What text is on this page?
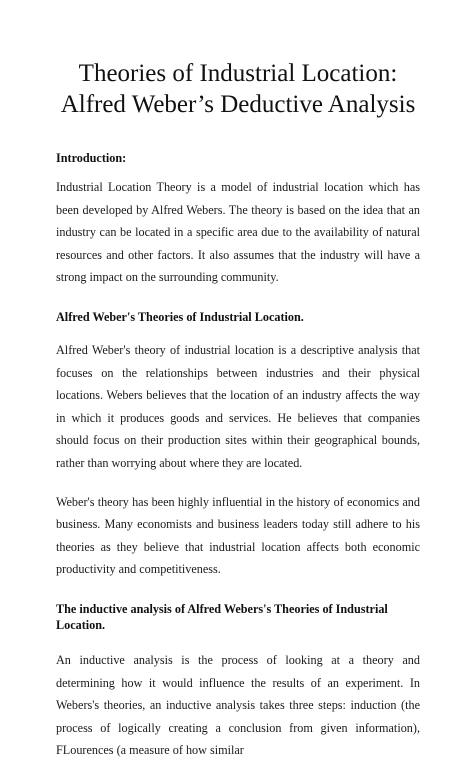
Theories of Industrial Location: Alfred Weber’s Deductive Analysis

Introduction:

Industrial Location Theory is a model of industrial location which has been developed by Alfred Webers. The theory is based on the idea that an industry can be located in a specific area due to the availability of natural resources and other factors. It also assumes that the industry will have a strong impact on the surrounding community.

Alfred Weber's Theories of Industrial Location.

Alfred Weber's theory of industrial location is a descriptive analysis that focuses on the relationships between industries and their physical locations. Webers believes that the location of an industry affects the way in which it produces goods and services. He believes that companies should focus on their production sites within their geographical bounds, rather than worrying about where they are located.

Weber's theory has been highly influential in the history of economics and business. Many economists and business leaders today still adhere to his theories as they believe that industrial location affects both economic productivity and competitiveness.

The inductive analysis of Alfred Webers's Theories of Industrial Location.

An inductive analysis is the process of looking at a theory and determining how it would influence the results of an experiment. In Webers's theories, an inductive analysis takes three steps: induction (the process of logically creating a conclusion from given information), FLourences (a measure of how similar
